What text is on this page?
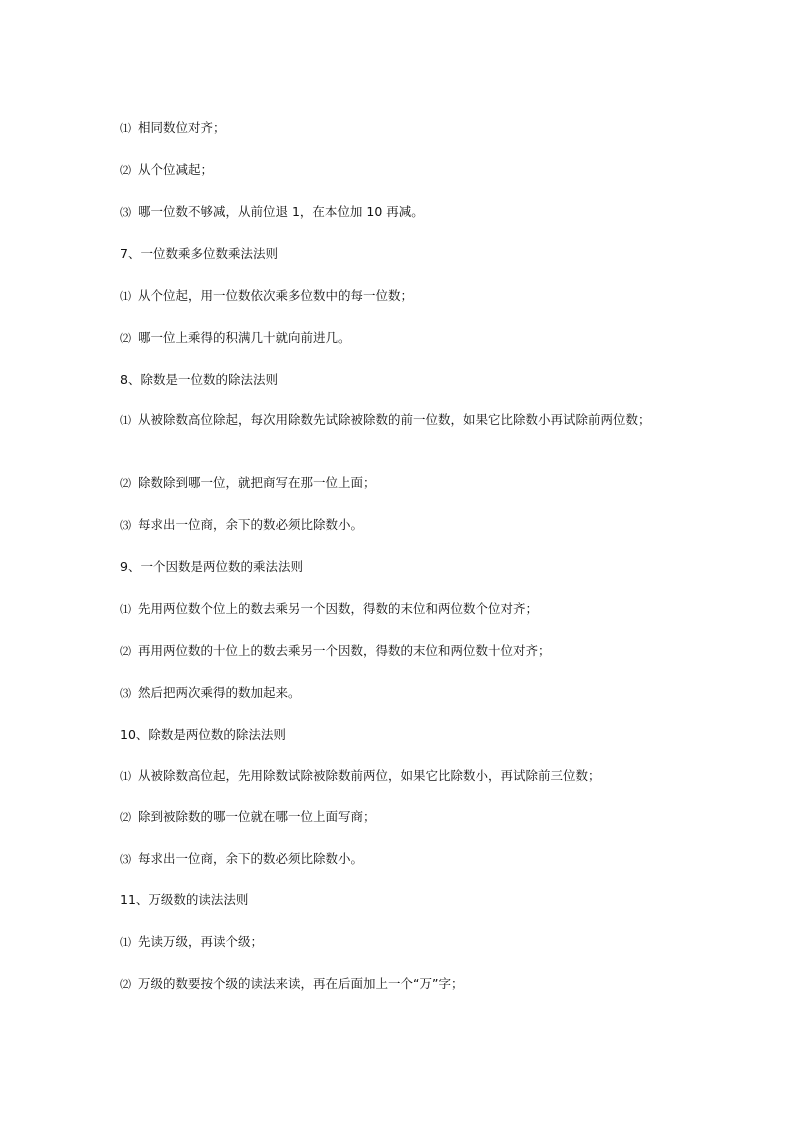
⑴ 相同数位对齐；
⑵ 从个位减起；
⑶ 哪一位数不够减，从前位退 1，在本位加 10 再减。
7、一位数乘多位数乘法法则
⑴ 从个位起，用一位数依次乘多位数中的每一位数；
⑵ 哪一位上乘得的积满几十就向前进几。
8、除数是一位数的除法法则
⑴ 从被除数高位除起，每次用除数先试除被除数的前一位数，如果它比除数小再试除前两位数；
⑵ 除数除到哪一位，就把商写在那一位上面；
⑶ 每求出一位商，余下的数必须比除数小。
9、一个因数是两位数的乘法法则
⑴ 先用两位数个位上的数去乘另一个因数，得数的末位和两位数个位对齐；
⑵ 再用两位数的十位上的数去乘另一个因数，得数的末位和两位数十位对齐；
⑶ 然后把两次乘得的数加起来。
10、除数是两位数的除法法则
⑴ 从被除数高位起，先用除数试除被除数前两位，如果它比除数小，再试除前三位数；
⑵ 除到被除数的哪一位就在哪一位上面写商；
⑶ 每求出一位商，余下的数必须比除数小。
11、万级数的读法法则
⑴ 先读万级，再读个级；
⑵ 万级的数要按个级的读法来读，再在后面加上一个“万”字；
